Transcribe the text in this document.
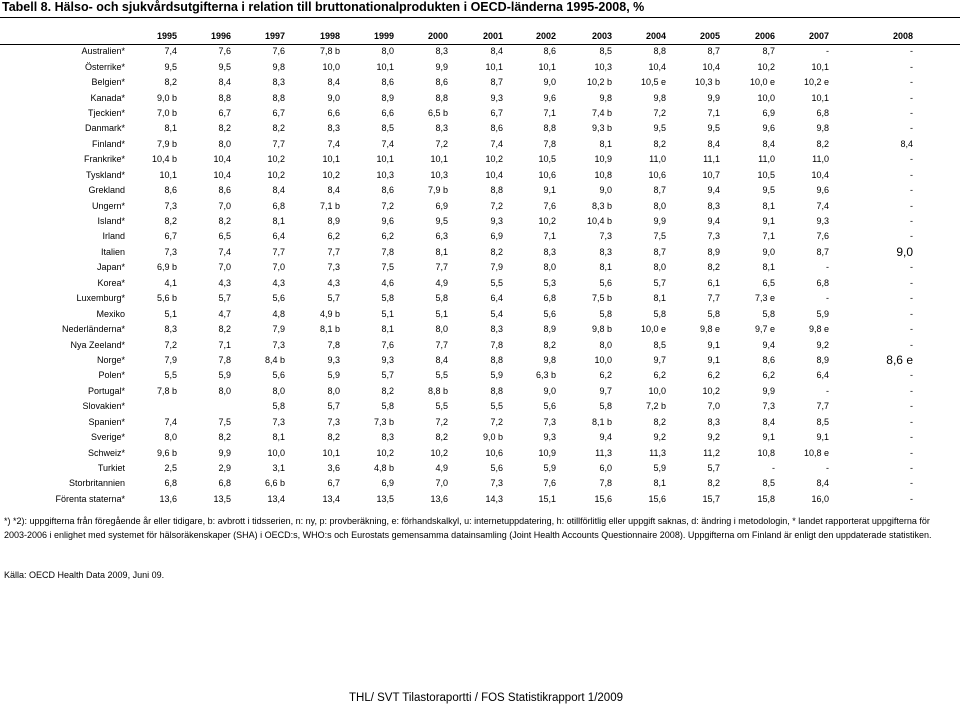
Tabell 8. Hälso- och sjukvårdsutgifterna i relation till bruttonationalprodukten i OECD-länderna 1995-2008, %
	1995	1996	1997	1998	1999	2000	2001	2002	2003	2004	2005	2006	2007	2008
Australien*	7,4	7,6	7,6	7,8 b	8,0	8,3	8,4	8,6	8,5	8,8	8,7	8,7	-	-
Österrike*	9,5	9,5	9,8	10,0	10,1	9,9	10,1	10,1	10,3	10,4	10,4	10,2	10,1	-
Belgien*	8,2	8,4	8,3	8,4	8,6	8,6	8,7	9,0	10,2 b	10,5 e	10,3 b	10,0 e	10,2 e	-
Kanada*	9,0 b	8,8	8,8	9,0	8,9	8,8	9,3	9,6	9,8	9,8	9,9	10,0	10,1	-
Tjeckien*	7,0 b	6,7	6,7	6,6	6,6	6,5 b	6,7	7,1	7,4 b	7,2	7,1	6,9	6,8	-
Danmark*	8,1	8,2	8,2	8,3	8,5	8,3	8,6	8,8	9,3 b	9,5	9,5	9,6	9,8	-
Finland*	7,9 b	8,0	7,7	7,4	7,4	7,2	7,4	7,8	8,1	8,2	8,4	8,4	8,2	8,4
Frankrike*	10,4 b	10,4	10,2	10,1	10,1	10,1	10,2	10,5	10,9	11,0	11,1	11,0	11,0	-
Tyskland*	10,1	10,4	10,2	10,2	10,3	10,3	10,4	10,6	10,8	10,6	10,7	10,5	10,4	-
Grekland	8,6	8,6	8,4	8,4	8,6	7,9 b	8,8	9,1	9,0	8,7	9,4	9,5	9,6	-
Ungern*	7,3	7,0	6,8	7,1 b	7,2	6,9	7,2	7,6	8,3 b	8,0	8,3	8,1	7,4	-
Island*	8,2	8,2	8,1	8,9	9,6	9,5	9,3	10,2	10,4 b	9,9	9,4	9,1	9,3	-
Irland	6,7	6,5	6,4	6,2	6,2	6,3	6,9	7,1	7,3	7,5	7,3	7,1	7,6	-
Italien	7,3	7,4	7,7	7,7	7,8	8,1	8,2	8,3	8,3	8,7	8,9	9,0	8,7	9,0
Japan*	6,9 b	7,0	7,0	7,3	7,5	7,7	7,9	8,0	8,1	8,0	8,2	8,1	-	-
Korea*	4,1	4,3	4,3	4,3	4,6	4,9	5,5	5,3	5,6	5,7	6,1	6,5	6,8	-
Luxemburg*	5,6 b	5,7	5,6	5,7	5,8	5,8	6,4	6,8	7,5 b	8,1	7,7	7,3 e	-	-
Mexiko	5,1	4,7	4,8	4,9 b	5,1	5,1	5,4	5,6	5,8	5,8	5,8	5,8	5,9	-
Nederländerna*	8,3	8,2	7,9	8,1 b	8,1	8,0	8,3	8,9	9,8 b	10,0 e	9,8 e	9,7 e	9,8 e	-
Nya Zeeland*	7,2	7,1	7,3	7,8	7,6	7,7	7,8	8,2	8,0	8,5	9,1	9,4	9,2	-
Norge*	7,9	7,8	8,4 b	9,3	9,3	8,4	8,8	9,8	10,0	9,7	9,1	8,6	8,9	8,6 e
Polen*	5,5	5,9	5,6	5,9	5,7	5,5	5,9	6,3 b	6,2	6,2	6,2	6,2	6,4	-
Portugal*	7,8 b	8,0	8,0	8,0	8,2	8,8 b	8,8	9,0	9,7	10,0	10,2	9,9	-	-
Slovakien*			5,8	5,7	5,8	5,5	5,5	5,6	5,8	7,2 b	7,0	7,3	7,7	-
Spanien*	7,4	7,5	7,3	7,3	7,3 b	7,2	7,2	7,3	8,1 b	8,2	8,3	8,4	8,5	-
Sverige*	8,0	8,2	8,1	8,2	8,3	8,2	9,0 b	9,3	9,4	9,2	9,2	9,1	9,1	-
Schweiz*	9,6 b	9,9	10,0	10,1	10,2	10,2	10,6	10,9	11,3	11,3	11,2	10,8	10,8 e	-
Turkiet	2,5	2,9	3,1	3,6	4,8 b	4,9	5,6	5,9	6,0	5,9	5,7	-	-	-
Storbritannien	6,8	6,8	6,6 b	6,7	6,9	7,0	7,3	7,6	7,8	8,1	8,2	8,5	8,4	-
Förenta staterna*	13,6	13,5	13,4	13,4	13,5	13,6	14,3	15,1	15,6	15,6	15,7	15,8	16,0	-
*) *2): uppgifterna från föregående år eller tidigare, b: avbrott i tidsserien, n: ny, p: provberäkning, e: förhandskalkyl, u: internetuppdatering, h: otillförlitlig eller uppgift saknas, d: ändring i metodologin, * landet rapporterat uppgifterna för 2003-2006 i enlighet med systemet för hälsoräkenskaper (SHA) i OECD:s, WHO:s och Eurostats gemensamma datainsamling (Joint Health Accounts Questionnaire 2008). Uppgifterna om Finland är enligt den uppdaterade statistiken.
Källa: OECD Health Data 2009, Juni 09.
THL/ SVT Tilastoraportti / FOS Statistikrapport 1/2009
